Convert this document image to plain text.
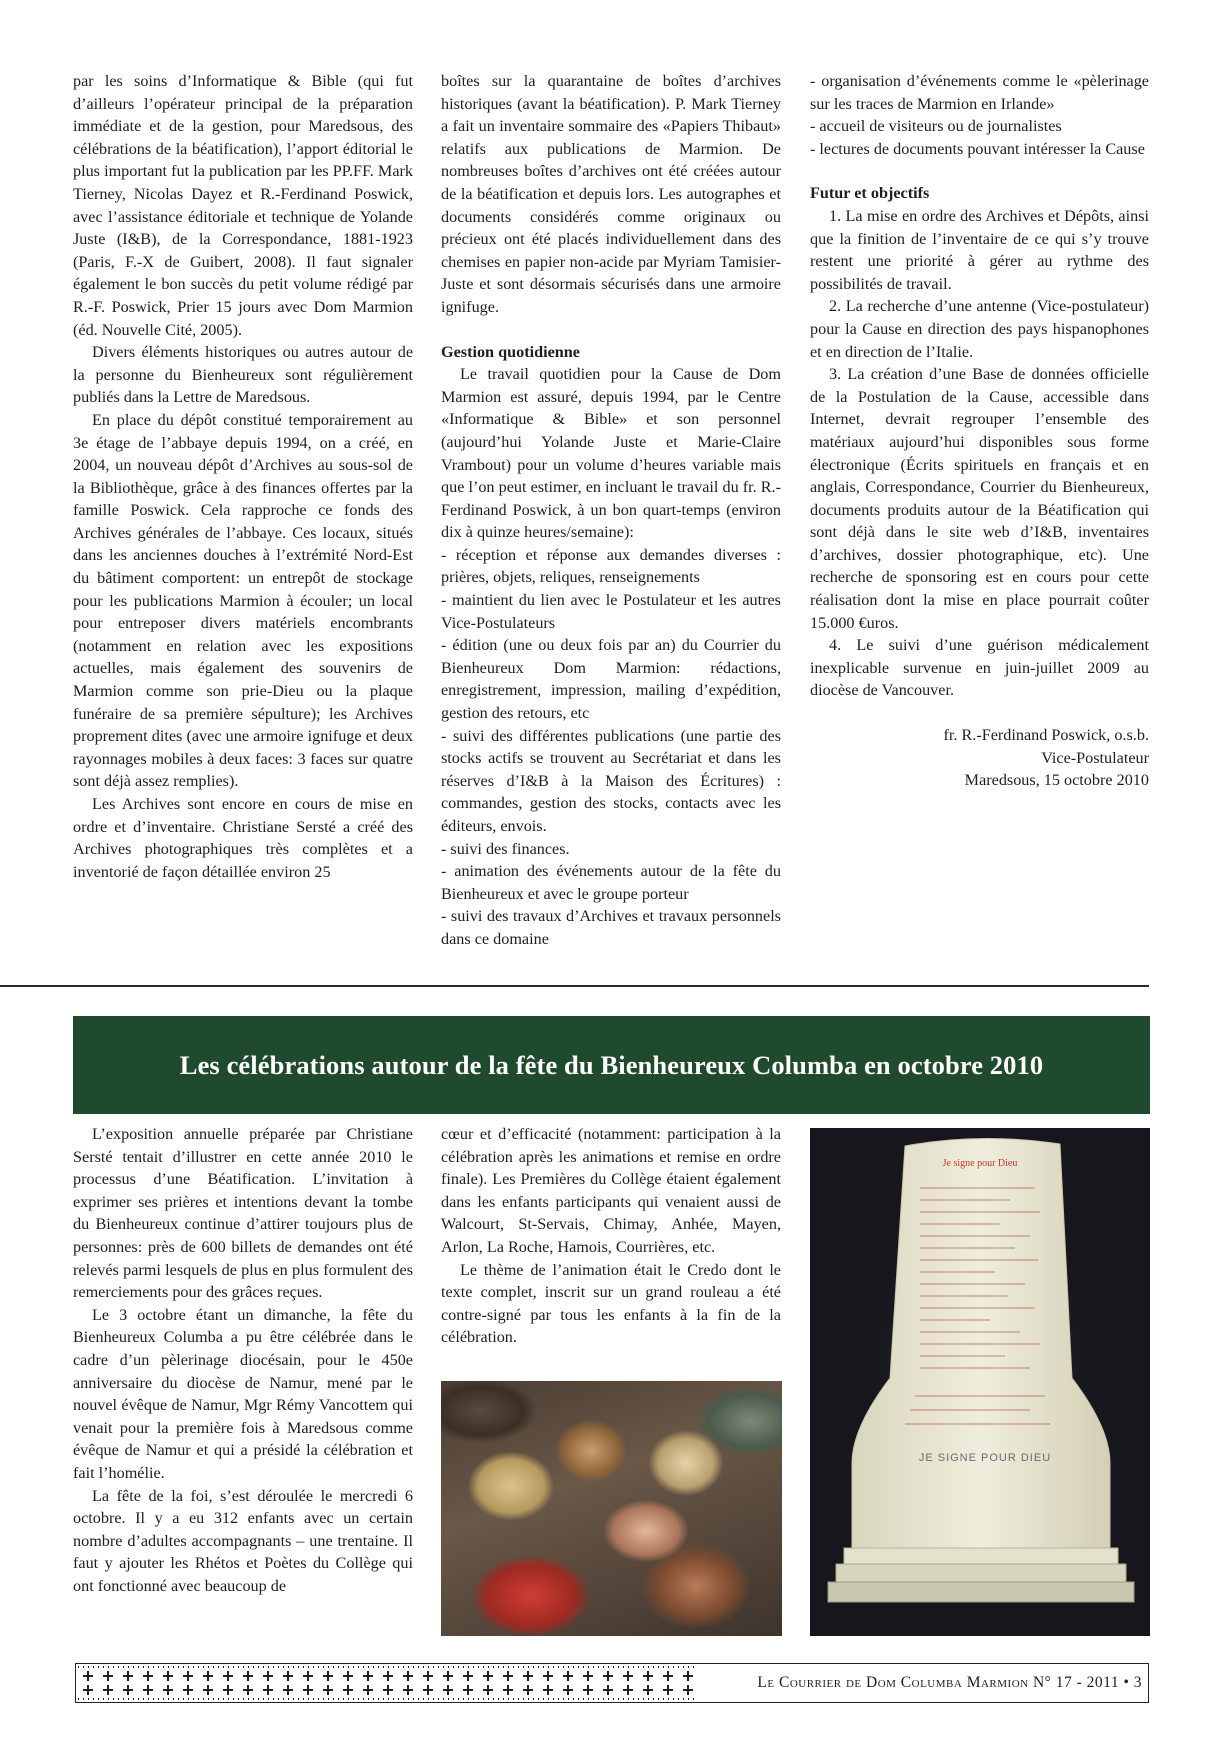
par les soins d’Informatique & Bible (qui fut d’ailleurs l’opérateur principal de la préparation immédiate et de la gestion, pour Maredsous, des célébrations de la béatification), l’apport éditorial le plus important fut la publication par les PP.FF. Mark Tierney, Nicolas Dayez et R.-Ferdinand Poswick, avec l’assistance éditoriale et technique de Yolande Juste (I&B), de la Correspondance, 1881-1923 (Paris, F.-X de Guibert, 2008). Il faut signaler également le bon succès du petit volume rédigé par R.-F. Poswick, Prier 15 jours avec Dom Marmion (éd. Nouvelle Cité, 2005).

Divers éléments historiques ou autres autour de la personne du Bienheureux sont régulièrement publiés dans la Lettre de Maredsous.

En place du dépôt constitué temporairement au 3e étage de l’abbaye depuis 1994, on a créé, en 2004, un nouveau dépôt d’Archives au sous-sol de la Bibliothèque, grâce à des finances offertes par la famille Poswick. Cela rapproche ce fonds des Archives générales de l’abbaye. Ces locaux, situés dans les anciennes douches à l’extrémité Nord-Est du bâtiment comportent: un entrepôt de stockage pour les publications Marmion à écouler; un local pour entreposer divers matériels encombrants (notamment en relation avec les expositions actuelles, mais également des souvenirs de Marmion comme son prie-Dieu ou la plaque funéraire de sa première sépulture); les Archives proprement dites (avec une armoire ignifuge et deux rayonnages mobiles à deux faces: 3 faces sur quatre sont déjà assez remplies).

Les Archives sont encore en cours de mise en ordre et d’inventaire. Christiane Sersté a créé des Archives photographiques très complètes et a inventorié de façon détaillée environ 25

boîtes sur la quarantaine de boîtes d’archives historiques (avant la béatification). P. Mark Tierney a fait un inventaire sommaire des «Papiers Thibaut» relatifs aux publications de Marmion. De nombreuses boîtes d’archives ont été créées autour de la béatification et depuis lors. Les autographes et documents considérés comme originaux ou précieux ont été placés individuellement dans des chemises en papier non-acide par Myriam Tamisier-Juste et sont désormais sécurisés dans une armoire ignifuge.

Gestion quotidienne

Le travail quotidien pour la Cause de Dom Marmion est assuré, depuis 1994, par le Centre «Informatique & Bible» et son personnel (aujourd’hui Yolande Juste et Marie-Claire Vrambout) pour un volume d’heures variable mais que l’on peut estimer, en incluant le travail du fr. R.-Ferdinand Poswick, à un bon quart-temps (environ dix à quinze heures/semaine):

- réception et réponse aux demandes diverses : prières, objets, reliques, renseignements

- maintient du lien avec le Postulateur et les autres Vice-Postulateurs

- édition (une ou deux fois par an) du Courrier du Bienheureux Dom Marmion: rédactions, enregistrement, impression, mailing d’expédition, gestion des retours, etc

- suivi des différentes publications (une partie des stocks actifs se trouvent au Secrétariat et dans les réserves d’I&B à la Maison des Écritures) : commandes, gestion des stocks, contacts avec les éditeurs, envois.

- suivi des finances.

- animation des événements autour de la fête du Bienheureux et avec le groupe porteur

- suivi des travaux d’Archives et travaux personnels dans ce domaine

- organisation d’événements comme le «pèlerinage sur les traces de Marmion en Irlande»

- accueil de visiteurs ou de journalistes

- lectures de documents pouvant intéresser la Cause

Futur et objectifs

1. La mise en ordre des Archives et Dépôts, ainsi que la finition de l’inventaire de ce qui s’y trouve restent une priorité à gérer au rythme des possibilités de travail.

2. La recherche d’une antenne (Vice-postulateur) pour la Cause en direction des pays hispanophones et en direction de l’Italie.

3. La création d’une Base de données officielle de la Postulation de la Cause, accessible dans Internet, devrait regrouper l’ensemble des matériaux aujourd’hui disponibles sous forme électronique (Écrits spirituels en français et en anglais, Correspondance, Courrier du Bienheureux, documents produits autour de la Béatification qui sont déjà dans le site web d’I&B, inventaires d’archives, dossier photographique, etc). Une recherche de sponsoring est en cours pour cette réalisation dont la mise en place pourrait coûter 15.000 €uros.

4. Le suivi d’une guérison médicalement inexplicable survenue en juin-juillet 2009 au diocèse de Vancouver.

fr. R.-Ferdinand Poswick, o.s.b.

Vice-Postulateur

Maredsous, 15 octobre 2010

Les célébrations autour de la fête du Bienheureux Columba en octobre 2010

L’exposition annuelle préparée par Christiane Sersté tentait d’illustrer en cette année 2010 le processus d’une Béatification. L’invitation à exprimer ses prières et intentions devant la tombe du Bienheureux continue d’attirer toujours plus de personnes: près de 600 billets de demandes ont été relevés parmi lesquels de plus en plus formulent des remerciements pour des grâces reçues.

Le 3 octobre étant un dimanche, la fête du Bienheureux Columba a pu être célébrée dans le cadre d’un pèlerinage diocésain, pour le 450e anniversaire du diocèse de Namur, mené par le nouvel évêque de Namur, Mgr Rémy Vancottem qui venait pour la première fois à Maredsous comme évêque de Namur et qui a présidé la célébration et fait l’homélie.

La fête de la foi, s’est déroulée le mercredi 6 octobre. Il y a eu 312 enfants avec un certain nombre d’adultes accompagnants – une trentaine. Il faut y ajouter les Rhétos et Poètes du Collège qui ont fonctionné avec beaucoup de

cœur et d’efficacité (notamment: participation à la célébration après les animations et remise en ordre finale). Les Premières du Collège étaient également dans les enfants participants qui venaient aussi de Walcourt, St-Servais, Chimay, Anhée, Mayen, Arlon, La Roche, Hamois, Courrières, etc.

Le thème de l’animation était le Credo dont le texte complet, inscrit sur un grand rouleau a été contre-signé par tous les enfants à la fin de la célébration.

Je signe pour Dieu
JE SIGNE POUR DIEU
Le Courrier de Dom Columba Marmion N° 17 - 2011 • 3
